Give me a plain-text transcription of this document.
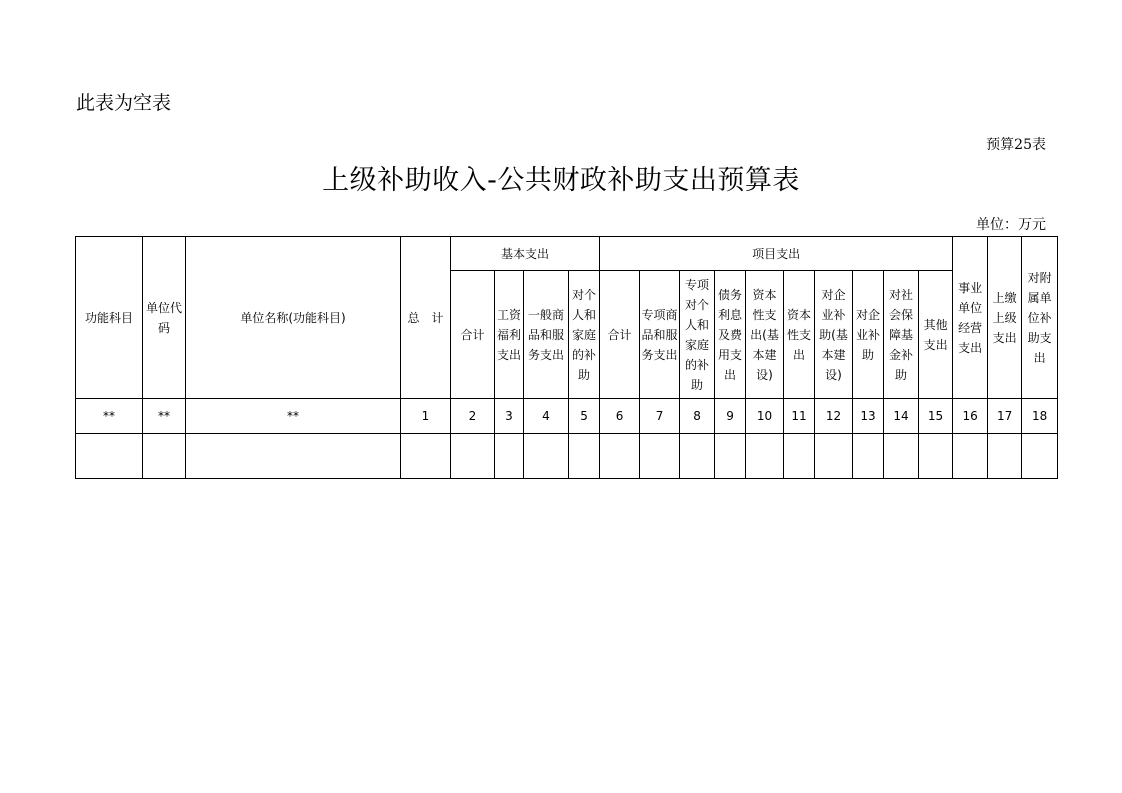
此表为空表
预算25表
上级补助收入-公共财政补助支出预算表
单位：万元
功能科目	单位代码	单位名称(功能科目)	总　计	基本支出				项目支出										事业单位经营支出	上缴上级支出	对附属单位补助支出
				合计	工资福利支出	一般商品和服务支出	对个人和家庭的补助	合计	专项商品和服务支出	专项对个人和家庭的补助	债务利息及费用支出	资本性支出(基本建设)	资本性支出	对企业补助(基本建设)	对企业补助	对社会保障基金补助	其他支出			
**	**	**	1	2	3	4	5	6	7	8	9	10	11	12	13	14	15	16	17	18
